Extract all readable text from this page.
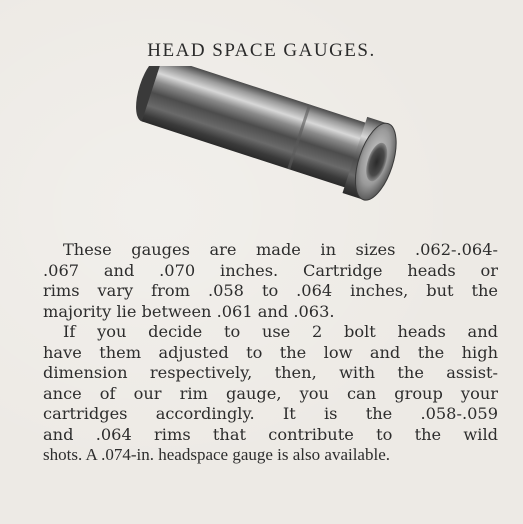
HEAD SPACE GAUGES.
These gauges are made in sizes .062-.064-
.067 and .070 inches. Cartridge heads or
rims vary from .058 to .064 inches, but the
majority lie between .061 and .063.
If you decide to use 2 bolt heads and
have them adjusted to the low and the high
dimension respectively, then, with the assist-
ance of our rim gauge, you can group your
cartridges accordingly. It is the .058-.059
and .064 rims that contribute to the wild
shots. A .074-in. headspace gauge is also available.
